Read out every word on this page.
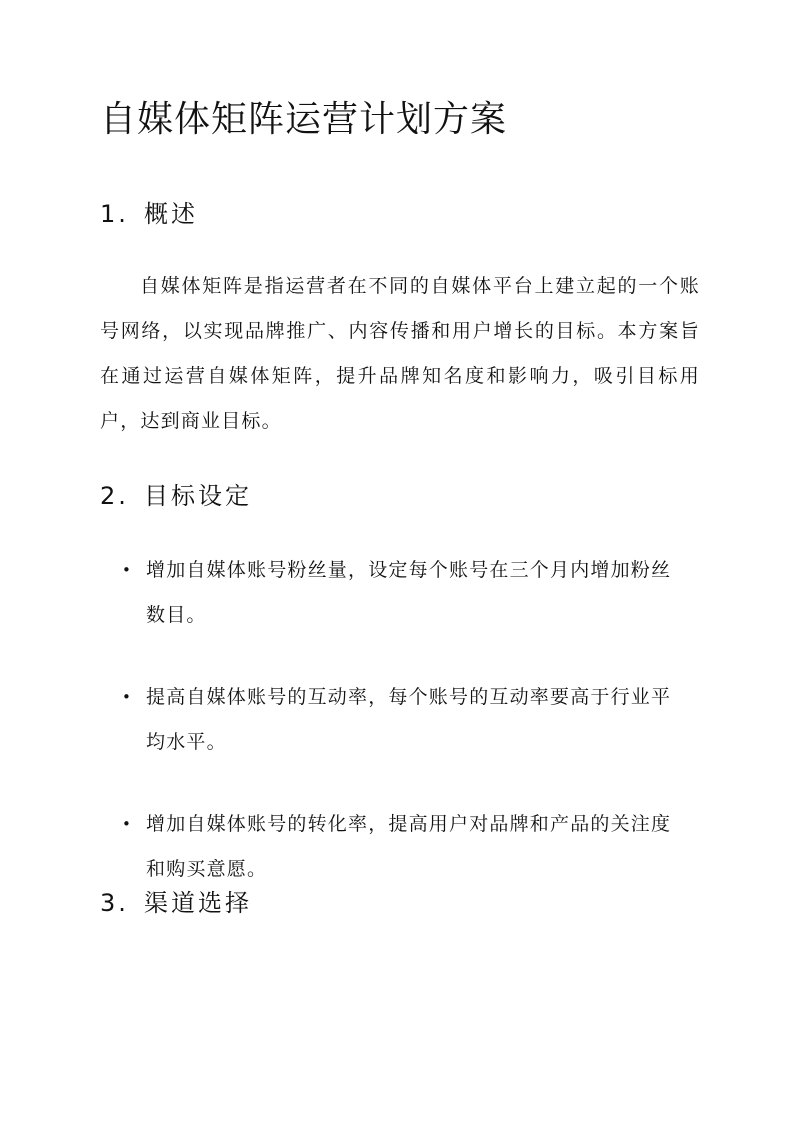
自媒体矩阵运营计划方案
1. 概述

自媒体矩阵是指运营者在不同的自媒体平台上建立起的一个账号网络，以实现品牌推广、内容传播和用户增长的目标。本方案旨在通过运营自媒体矩阵，提升品牌知名度和影响力，吸引目标用户，达到商业目标。

2. 目标设定
• 增加自媒体账号粉丝量，设定每个账号在三个月内增加粉丝数目。
• 提高自媒体账号的互动率，每个账号的互动率要高于行业平均水平。
• 增加自媒体账号的转化率，提高用户对品牌和产品的关注度和购买意愿。
3. 渠道选择
